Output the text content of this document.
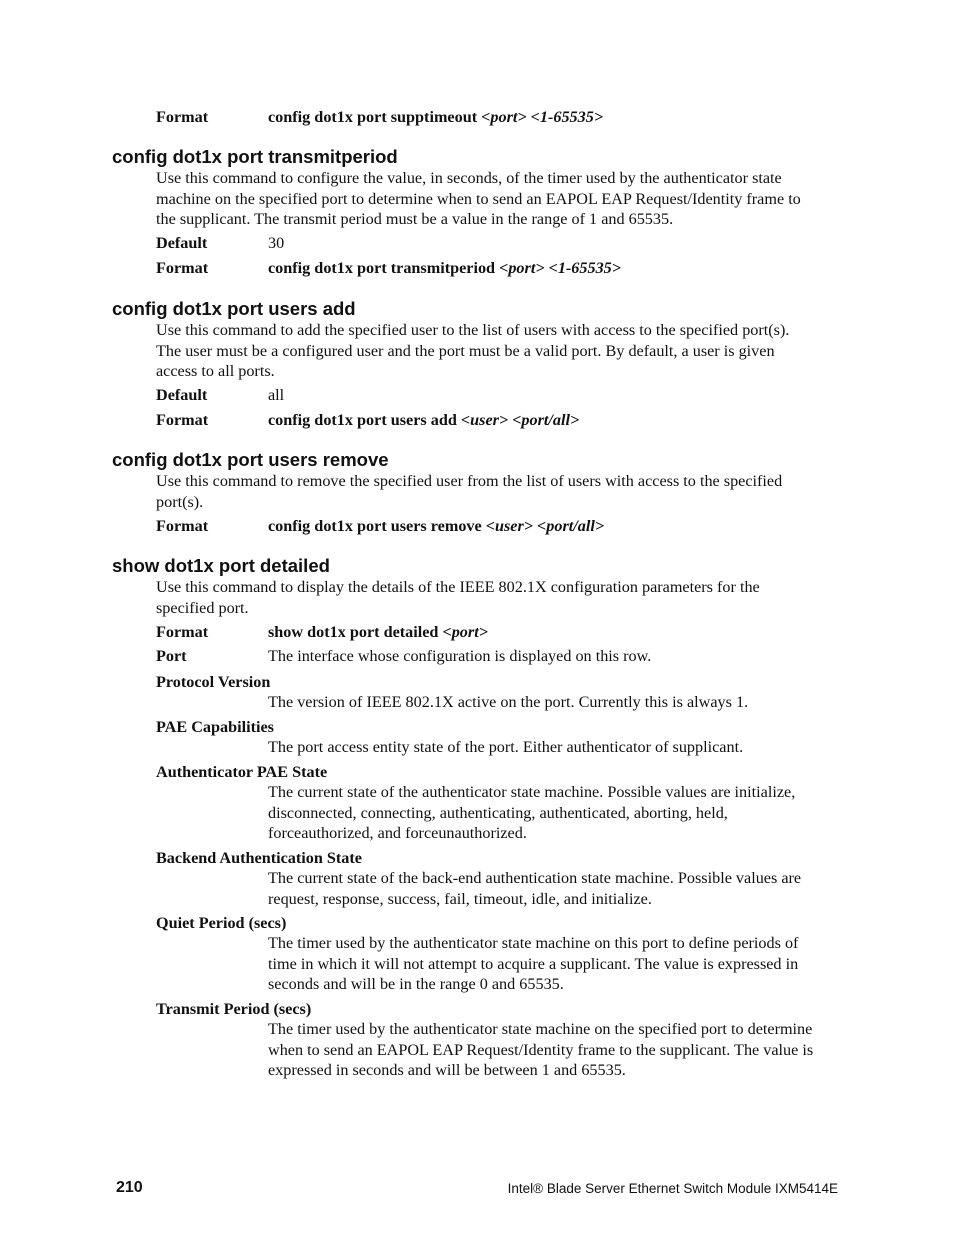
Format	config dot1x port supptimeout <port> <1-65535>
config dot1x port transmitperiod
Use this command to configure the value, in seconds, of the timer used by the authenticator state
machine on the specified port to determine when to send an EAPOL EAP Request/Identity frame to
the supplicant. The transmit period must be a value in the range of 1 and 65535.
Default	30
Format	config dot1x port transmitperiod <port> <1-65535>
config dot1x port users add
Use this command to add the specified user to the list of users with access to the specified port(s).
The user must be a configured user and the port must be a valid port. By default, a user is given
access to all ports.
Default	all
Format	config dot1x port users add <user> <port/all>
config dot1x port users remove
Use this command to remove the specified user from the list of users with access to the specified
port(s).
Format	config dot1x port users remove <user> <port/all>
show dot1x port detailed
Use this command to display the details of the IEEE 802.1X configuration parameters for the
specified port.
Format	show dot1x port detailed <port>
Port	The interface whose configuration is displayed on this row.
Protocol Version
The version of IEEE 802.1X active on the port. Currently this is always 1.
PAE Capabilities
The port access entity state of the port. Either authenticator of supplicant.
Authenticator PAE State
The current state of the authenticator state machine. Possible values are initialize,
disconnected, connecting, authenticating, authenticated, aborting, held,
forceauthorized, and forceunauthorized.
Backend Authentication State
The current state of the back-end authentication state machine. Possible values are
request, response, success, fail, timeout, idle, and initialize.
Quiet Period (secs)
The timer used by the authenticator state machine on this port to define periods of
time in which it will not attempt to acquire a supplicant. The value is expressed in
seconds and will be in the range 0 and 65535.
Transmit Period (secs)
The timer used by the authenticator state machine on the specified port to determine
when to send an EAPOL EAP Request/Identity frame to the supplicant. The value is
expressed in seconds and will be between 1 and 65535.
210	Intel® Blade Server Ethernet Switch Module IXM5414E
